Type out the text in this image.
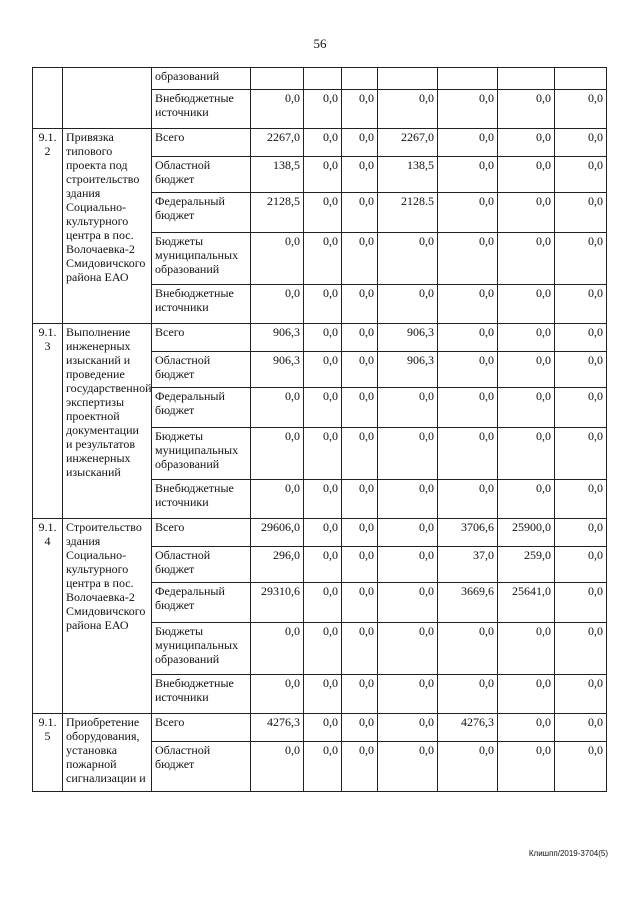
56
		образований							
		Внебюджетные источники	0,0	0,0	0,0	0,0	0,0	0,0	0,0
9.1. 2	Привязка типового проекта под строительство здания Социально-культурного центра в пос. Волочаевка-2 Смидовичского района ЕАО	Всего	2267,0	0,0	0,0	2267,0	0,0	0,0	0,0
		Областной бюджет	138,5	0,0	0,0	138,5	0,0	0,0	0,0
		Федеральный бюджет	2128,5	0,0	0,0	2128.5	0,0	0,0	0,0
		Бюджеты муниципальных образований	0,0	0,0	0,0	0,0	0,0	0,0	0,0
		Внебюджетные источники	0,0	0,0	0,0	0,0	0,0	0,0	0,0
9.1. 3	Выполнение инженерных изысканий и проведение государственной экспертизы проектной документации и результатов инженерных изысканий	Всего	906,3	0,0	0,0	906,3	0,0	0,0	0,0
		Областной бюджет	906,3	0,0	0,0	906,3	0,0	0,0	0,0
		Федеральный бюджет	0,0	0,0	0,0	0,0	0,0	0,0	0,0
		Бюджеты муниципальных образований	0,0	0,0	0,0	0,0	0,0	0,0	0,0
		Внебюджетные источники	0,0	0,0	0,0	0,0	0,0	0,0	0,0
9.1. 4	Строительство здания Социально-культурного центра в пос. Волочаевка-2 Смидовичского района ЕАО	Всего	29606,0	0,0	0,0	0,0	3706,6	25900,0	0,0
		Областной бюджет	296,0	0,0	0,0	0,0	37,0	259,0	0,0
		Федеральный бюджет	29310,6	0,0	0,0	0,0	3669,6	25641,0	0,0
		Бюджеты муниципальных образований	0,0	0,0	0,0	0,0	0,0	0,0	0,0
		Внебюджетные источники	0,0	0,0	0,0	0,0	0,0	0,0	0,0
9.1. 5	Приобретение оборудования, установка пожарной сигнализации и	Всего	4276,3	0,0	0,0	0,0	4276,3	0,0	0,0
		Областной бюджет	0,0	0,0	0,0	0,0	0,0	0,0	0,0
Клишпп/2019-3704(5)
